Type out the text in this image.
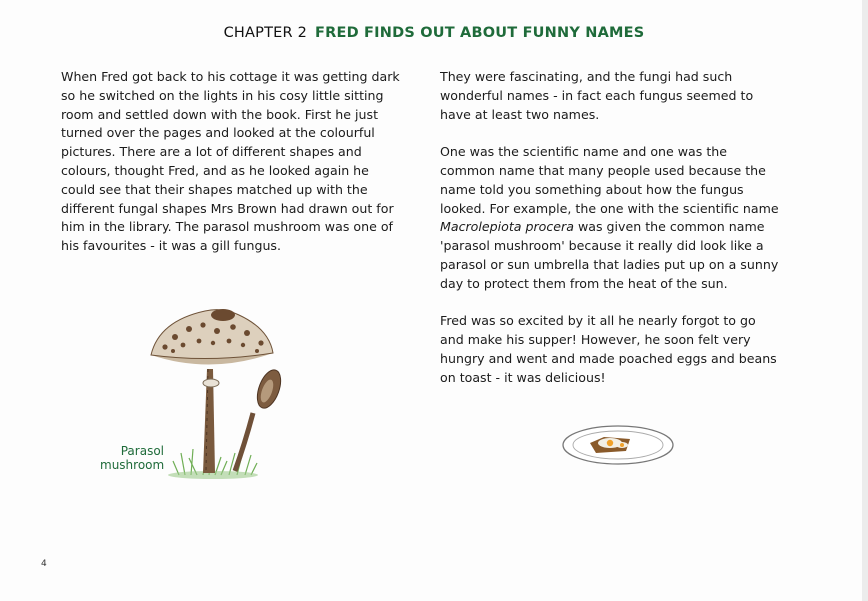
CHAPTER 2 FRED FINDS OUT ABOUT FUNNY NAMES

When Fred got back to his cottage it was getting dark so he switched on the lights in his cosy little sitting room and settled down with the book. First he just turned over the pages and looked at the colourful pictures. There are a lot of different shapes and colours, thought Fred, and as he looked again he could see that their shapes matched up with the different fungal shapes Mrs Brown had drawn out for him in the library. The parasol mushroom was one of his favourites - it was a gill fungus.

They were fascinating, and the fungi had such wonderful names - in fact each fungus seemed to have at least two names.

One was the scientific name and one was the common name that many people used because the name told you something about how the fungus looked. For example, the one with the scientific name Macrolepiota procera was given the common name 'parasol mushroom' because it really did look like a parasol or sun umbrella that ladies put up on a sunny day to protect them from the heat of the sun.

Fred was so excited by it all he nearly forgot to go and make his supper! However, he soon felt very hungry and went and made poached eggs and beans on toast - it was delicious!

Parasol
mushroom
4
